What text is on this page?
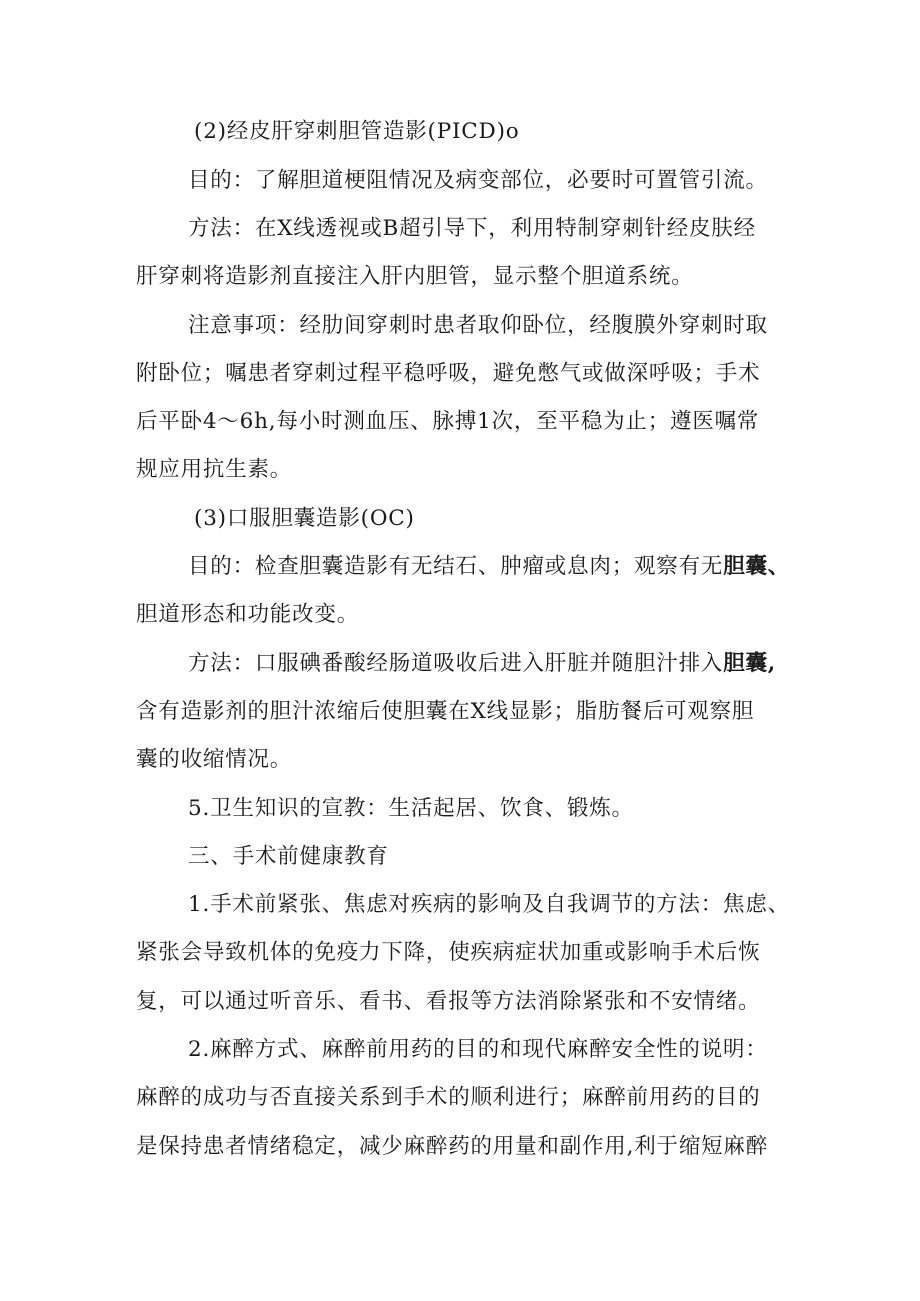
(2)经皮肝穿刺胆管造影(PICD)o
目的：了解胆道梗阻情况及病变部位，必要时可置管引流。
方法：在X线透视或B超引导下，利用特制穿刺针经皮肤经
肝穿刺将造影剂直接注入肝内胆管，显示整个胆道系统。
注意事项：经肋间穿刺时患者取仰卧位，经腹膜外穿刺时取
附卧位；嘱患者穿刺过程平稳呼吸，避免憋气或做深呼吸；手术
后平卧4～6h,每小时测血压、脉搏1次，至平稳为止；遵医嘱常
规应用抗生素。
(3)口服胆囊造影(OC)
目的：检查胆囊造影有无结石、肿瘤或息肉；观察有无胆囊、
胆道形态和功能改变。
方法：口服碘番酸经肠道吸收后进入肝脏并随胆汁排入胆囊,
含有造影剂的胆汁浓缩后使胆囊在X线显影；脂肪餐后可观察胆
囊的收缩情况。
5.卫生知识的宣教：生活起居、饮食、锻炼。
三、手术前健康教育
1.手术前紧张、焦虑对疾病的影响及自我调节的方法：焦虑、
紧张会导致机体的免疫力下降，使疾病症状加重或影响手术后恢
复，可以通过听音乐、看书、看报等方法消除紧张和不安情绪。
2.麻醉方式、麻醉前用药的目的和现代麻醉安全性的说明：
麻醉的成功与否直接关系到手术的顺利进行；麻醉前用药的目的
是保持患者情绪稳定，减少麻醉药的用量和副作用,利于缩短麻醉
